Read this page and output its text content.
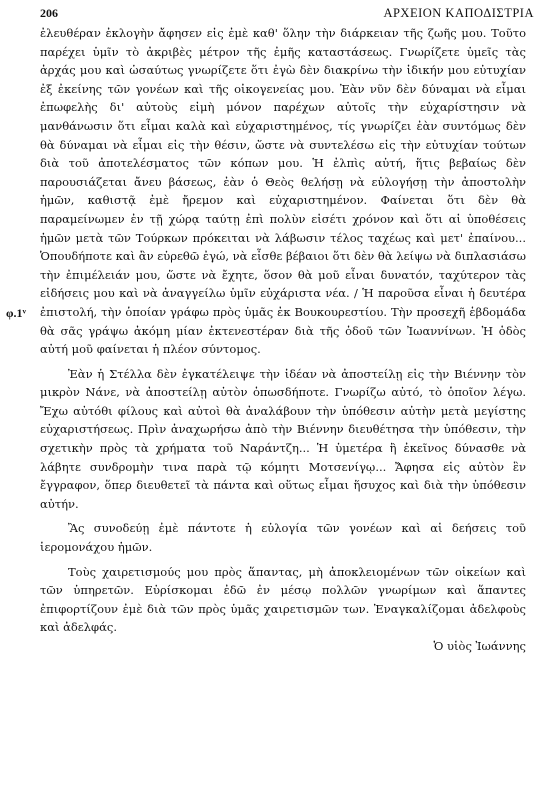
206	ΑΡΧΕΙΟΝ ΚΑΠΟΔΙΣΤΡΙΑ
φ.1ᵛ

ἐλευθέραν ἐκλογὴν ἄφησεν εἰς ἐμὲ καθ' ὅλην τὴν διάρκειαν τῆς ζωῆς μου. Τοῦτο παρέχει ὑμῖν τὸ ἀκριβὲς μέτρον τῆς ἐμῆς καταστάσεως. Γνωρίζετε ὑμεῖς τὰς ἀρχάς μου καὶ ὡσαύτως γνωρίζετε ὅτι ἐγὼ δὲν διακρίνω τὴν ἰδικήν μου εὐτυχίαν ἐξ ἐκείνης τῶν γονέων καὶ τῆς οἰκογενείας μου. Ἐὰν νῦν δὲν δύναμαι νὰ εἶμαι ἐπωφελὴς δι' αὐτοὺς εἰμὴ μόνον παρέχων αὐτοῖς τὴν εὐχαρίστησιν νὰ μανθάνωσιν ὅτι εἶμαι καλὰ καὶ εὐχαριστημένος, τίς γνωρίζει ἐὰν συντόμως δὲν θὰ δύναμαι νὰ εἶμαι εἰς τὴν θέσιν, ὥστε νὰ συντελέσω εἰς τὴν εὐτυχίαν τούτων διὰ τοῦ ἀποτελέσματος τῶν κόπων μου. Ἡ ἐλπὶς αὐτή, ἥτις βεβαίως δὲν παρουσιάζεται ἄνευ βάσεως, ἐὰν ὁ Θεὸς θελήσῃ νὰ εὐλογήσῃ τὴν ἀποστολὴν ἡμῶν, καθιστᾷ ἐμὲ ἤρεμον καὶ εὐχαριστημένον. Φαίνεται ὅτι δὲν θὰ παραμείνωμεν ἐν τῇ χώρᾳ ταύτῃ ἐπὶ πολὺν εἰσέτι χρόνον καὶ ὅτι αἱ ὑποθέσεις ἡμῶν μετὰ τῶν Τούρκων πρόκειται νὰ λάβωσιν τέλος ταχέως καὶ μετ' ἐπαίνου... Ὁπουδήποτε καὶ ἂν εὑρεθῶ ἐγώ, νὰ εἶσθε βέβαιοι ὅτι δὲν θὰ λείψω νὰ διπλασιάσω τὴν ἐπιμέλειάν μου, ὥστε νὰ ἔχητε, ὅσον θὰ μοῦ εἶναι δυνατόν, ταχύτερον τὰς εἰδήσεις μου καὶ νὰ ἀναγγείλω ὑμῖν εὐχάριστα νέα. / Ἡ παροῦσα εἶναι ἡ δευτέρα ἐπιστολή, τὴν ὁποίαν γράφω πρὸς ὑμᾶς ἐκ Βουκουρεστίου. Τὴν προσεχῆ ἑβδομάδα θὰ σᾶς γράψω ἀκόμη μίαν ἐκτενεστέραν διὰ τῆς ὁδοῦ τῶν Ἰωαννίνων. Ἡ ὁδὸς αὐτή μοῦ φαίνεται ἡ πλέον σύντομος.

Ἐὰν ἡ Στέλλα δὲν ἐγκατέλειψε τὴν ἰδέαν νὰ ἀποστείλῃ εἰς τὴν Βιέννην τὸν μικρὸν Νάνε, νὰ ἀποστείλῃ αὐτὸν ὁπωσδήποτε. Γνωρίζω αὐτό, τὸ ὁποῖον λέγω. Ἔχω αὐτόθι φίλους καὶ αὐτοὶ θὰ ἀναλάβουν τὴν ὑπόθεσιν αὐτὴν μετὰ μεγίστης εὐχαριστήσεως. Πρὶν ἀναχωρήσω ἀπὸ τὴν Βιέννην διευθέτησα τὴν ὑπόθεσιν, τὴν σχετικὴν πρὸς τὰ χρήματα τοῦ Ναράντζη... Ἡ ὑμετέρα ἢ ἐκεῖνος δύνασθε νὰ λάβητε συνδρομὴν τινα παρὰ τῷ κόμητι Μοτσενίγῳ... Ἄφησα εἰς αὐτὸν ἓν ἔγγραφον, ὅπερ διευθετεῖ τὰ πάντα καὶ οὕτως εἶμαι ἥσυχος καὶ διὰ τὴν ὑπόθεσιν αὐτήν.

Ἂς συνοδεύῃ ἐμὲ πάντοτε ἡ εὐλογία τῶν γονέων καὶ αἱ δεήσεις τοῦ ἱερομονάχου ἡμῶν.

Τοὺς χαιρετισμούς μου πρὸς ἅπαντας, μὴ ἀποκλειομένων τῶν οἰκείων καὶ τῶν ὑπηρετῶν. Εὑρίσκομαι ἐδῶ ἐν μέσῳ πολλῶν γνωρίμων καὶ ἅπαντες ἐπιφορτίζουν ἐμὲ διὰ τῶν πρὸς ὑμᾶς χαιρετισμῶν των. Ἐναγκαλίζομαι ἀδελφοὺς καὶ ἀδελφάς.

Ὁ υἱὸς Ἰωάννης
